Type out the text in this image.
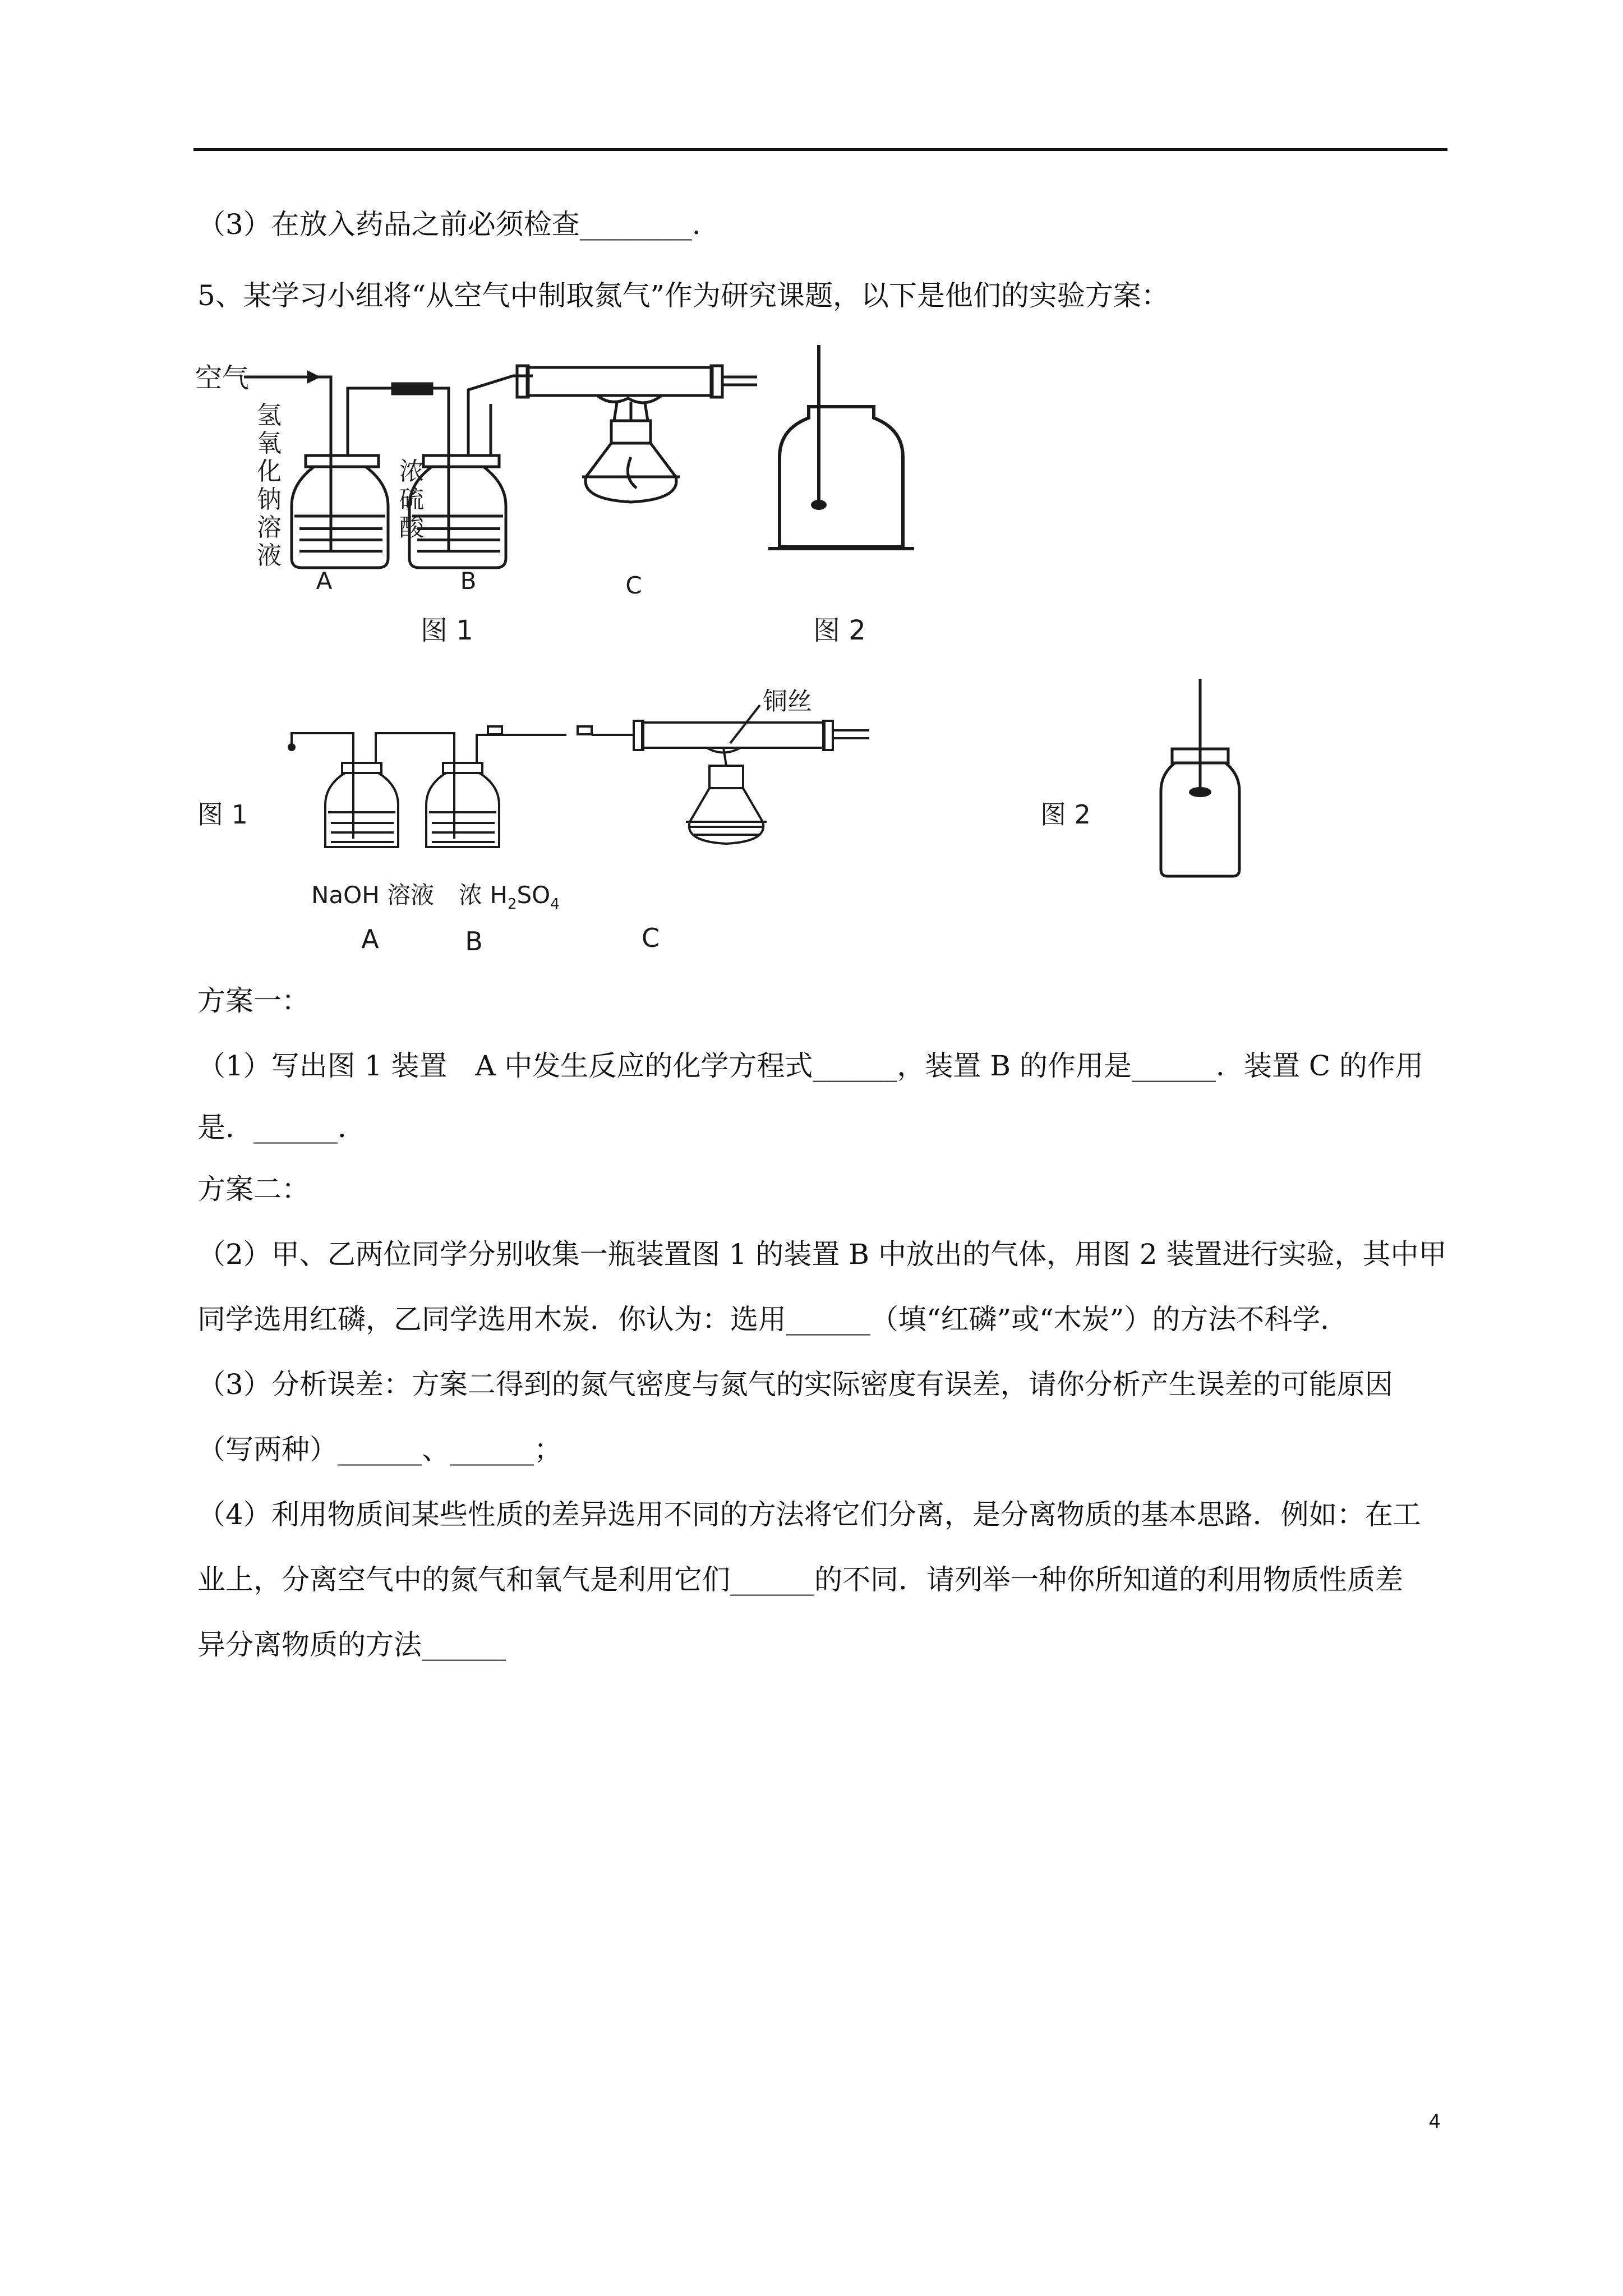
（3）在放入药品之前必须检查________.
5、某学习小组将“从空气中制取氮气”作为研究课题，以下是他们的实验方案：
空气
氢
氧
化
钠
溶
液
浓
硫
酸
A	B	C
图 1	图 2
铜丝
图 1	图 2
NaOH 溶液 浓 $H_2SO_4$
A	B	C
方案一：
（1）写出图 1 装置　A 中发生反应的化学方程式______，装置 B 的作用是______．装置 C 的作用
是．______．
方案二：
（2）甲、乙两位同学分别收集一瓶装置图 1 的装置 B 中放出的气体，用图 2 装置进行实验，其中甲
同学选用红磷，乙同学选用木炭．你认为：选用______（填“红磷”或“木炭”）的方法不科学．
（3）分析误差：方案二得到的氮气密度与氮气的实际密度有误差，请你分析产生误差的可能原因
（写两种）______、______；
（4）利用物质间某些性质的差异选用不同的方法将它们分离，是分离物质的基本思路．例如：在工
业上，分离空气中的氮气和氧气是利用它们______的不同．请列举一种你所知道的利用物质性质差
异分离物质的方法______
4
